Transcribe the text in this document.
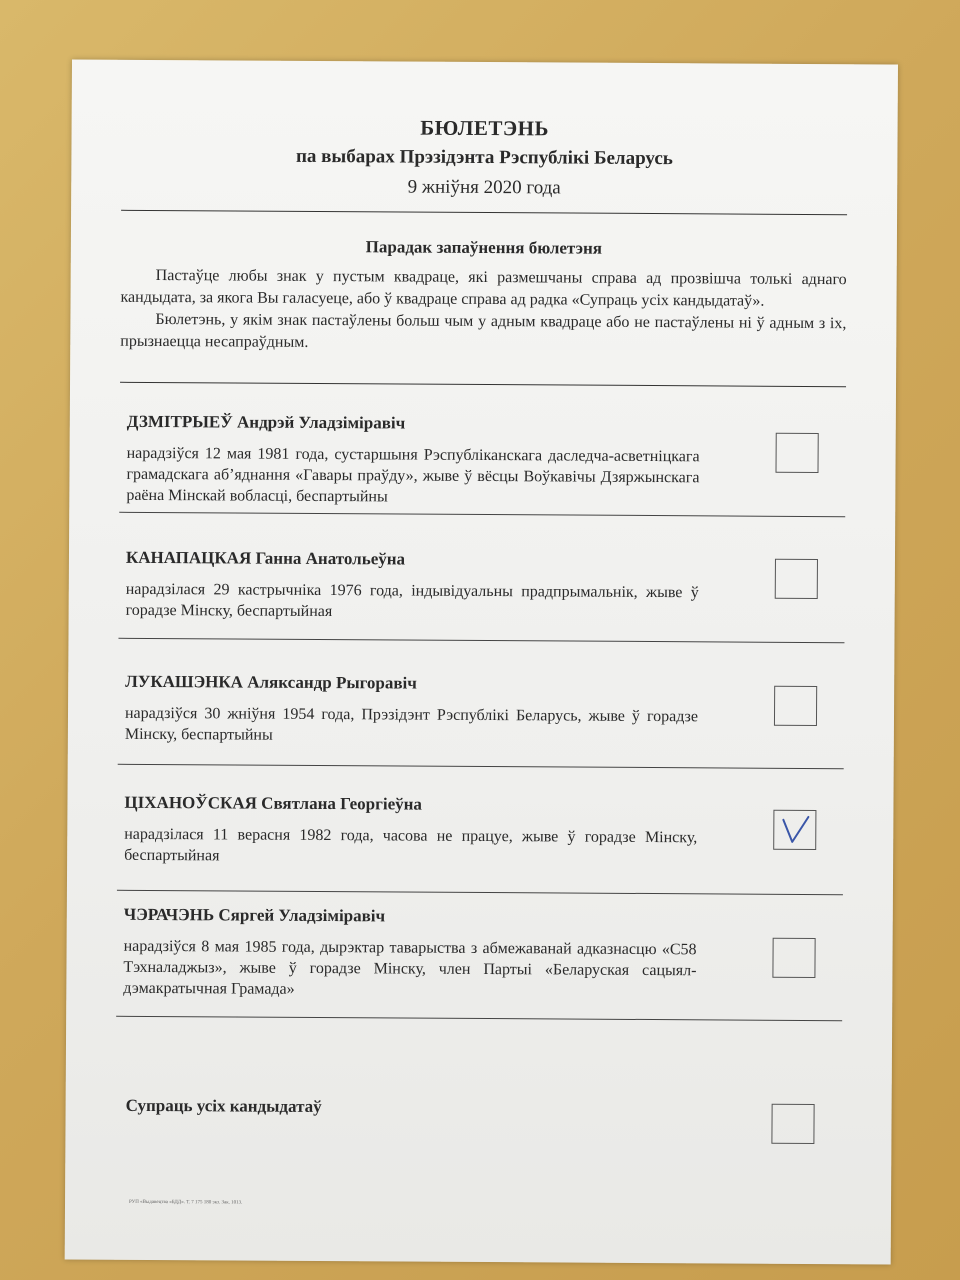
БЮЛЕТЭНЬ
па выбарах Прэзідэнта Рэспублікі Беларусь
9 жніўня 2020 года
Парадак запаўнення бюлетэня

Пастаўце любы знак у пустым квадраце, які размешчаны справа ад прозвішча толькі аднаго кандыдата, за якога Вы галасуеце, або ў квадраце справа ад радка «Супраць усіх кандыдатаў».

Бюлетэнь, у якім знак пастаўлены больш чым у адным квадраце або не пастаўлены ні ў адным з іх, прызнаецца несапраўдным.

ДЗМІТРЫЕЎ Андрэй Уладзіміравіч
нарадзіўся 12 мая 1981 года, сустаршыня Рэспубліканскага даследча-асветніцкага грамадскага аб’яднання «Гавары праўду», жыве ў вёсцы Воўкавічы Дзяржынскага раёна Мінскай вобласці, беспартыйны
КАНАПАЦКАЯ Ганна Анатольеўна
нарадзілася 29 кастрычніка 1976 года, індывідуальны прадпрымальнік, жыве ў горадзе Мінску, беспартыйная
ЛУКАШЭНКА Аляксандр Рыгоравіч
нарадзіўся 30 жніўня 1954 года, Прэзідэнт Рэспублікі Беларусь, жыве ў горадзе Мінску, беспартыйны
ЦІХАНОЎСКАЯ Святлана Георгіеўна
нарадзілася 11 верасня 1982 года, часова не працуе, жыве ў горадзе Мінску, беспартыйная
ЧЭРАЧЭНЬ Сяргей Уладзіміравіч
нарадзіўся 8 мая 1985 года, дырэктар таварыства з абмежаванай адказнасцю «С58 Тэхналаджыз», жыве ў горадзе Мінску, член Партыі «Беларуская сацыял-дэмакратычная Грамада»
Супраць усіх кандыдатаў
РУП «Выдавецтва «БДД». Т. 7 175 180 экз. Зак. 1013.
